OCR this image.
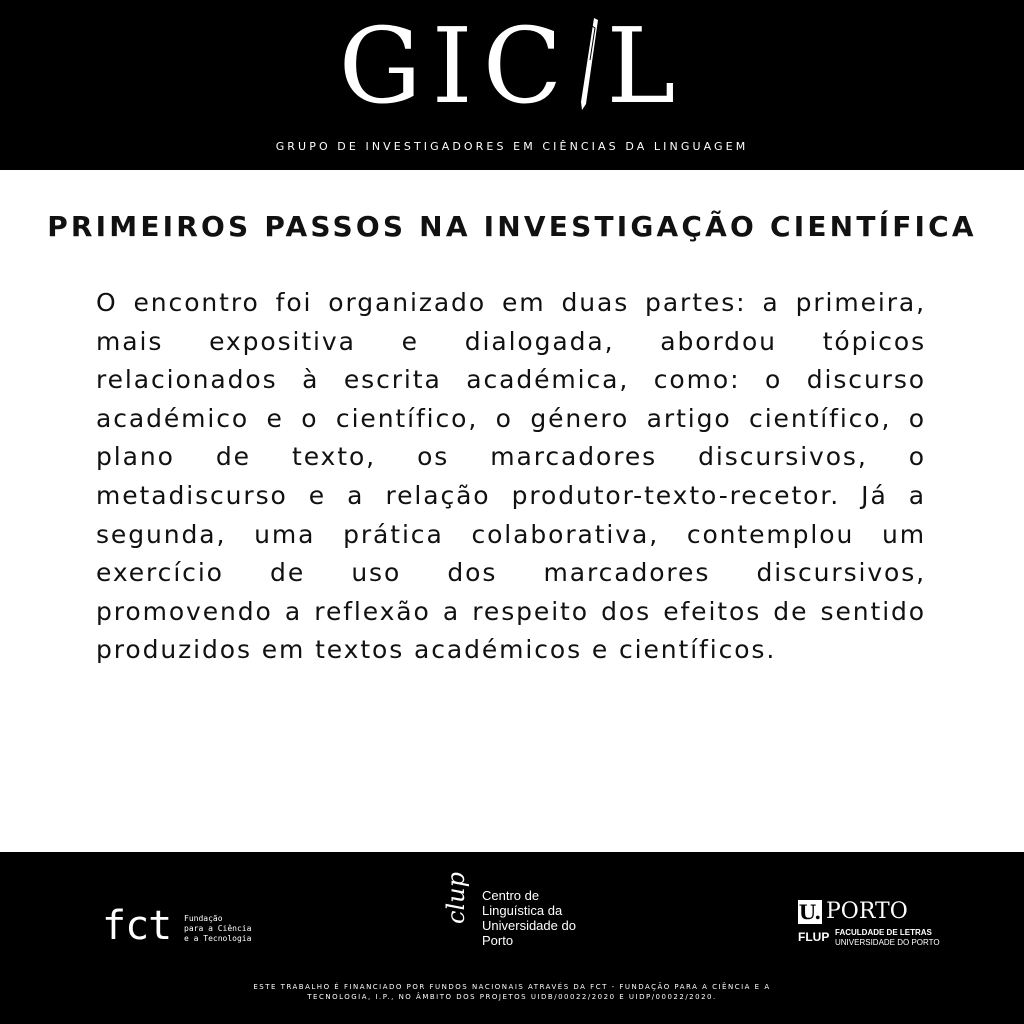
GIC L
GRUPO DE INVESTIGADORES EM CIÊNCIAS DA LINGUAGEM
PRIMEIROS PASSOS NA INVESTIGAÇÃO CIENTÍFICA
O encontro foi organizado em duas partes: a primeira, mais expositiva e dialogada, abordou tópicos relacionados à escrita académica, como: o discurso académico e o científico, o género artigo científico, o plano de texto, os marcadores discursivos, o metadiscurso e a relação produtor-texto-recetor. Já a segunda, uma prática colaborativa, contemplou um exercício de uso dos marcadores discursivos, promovendo a reflexão a respeito dos efeitos de sentido produzidos em textos académicos e científicos.
fct Fundação
para a Ciência
e a Tecnologia
clup Centro de
Linguística da
Universidade do
Porto
U. PORTO
FLUP FACULDADE DE LETRAS
UNIVERSIDADE DO PORTO
ESTE TRABALHO É FINANCIADO POR FUNDOS NACIONAIS ATRAVÉS DA FCT - FUNDAÇÃO PARA A CIÊNCIA E A
TECNOLOGIA, I.P., NO ÂMBITO DOS PROJETOS UIDB/00022/2020 E UIDP/00022/2020.
